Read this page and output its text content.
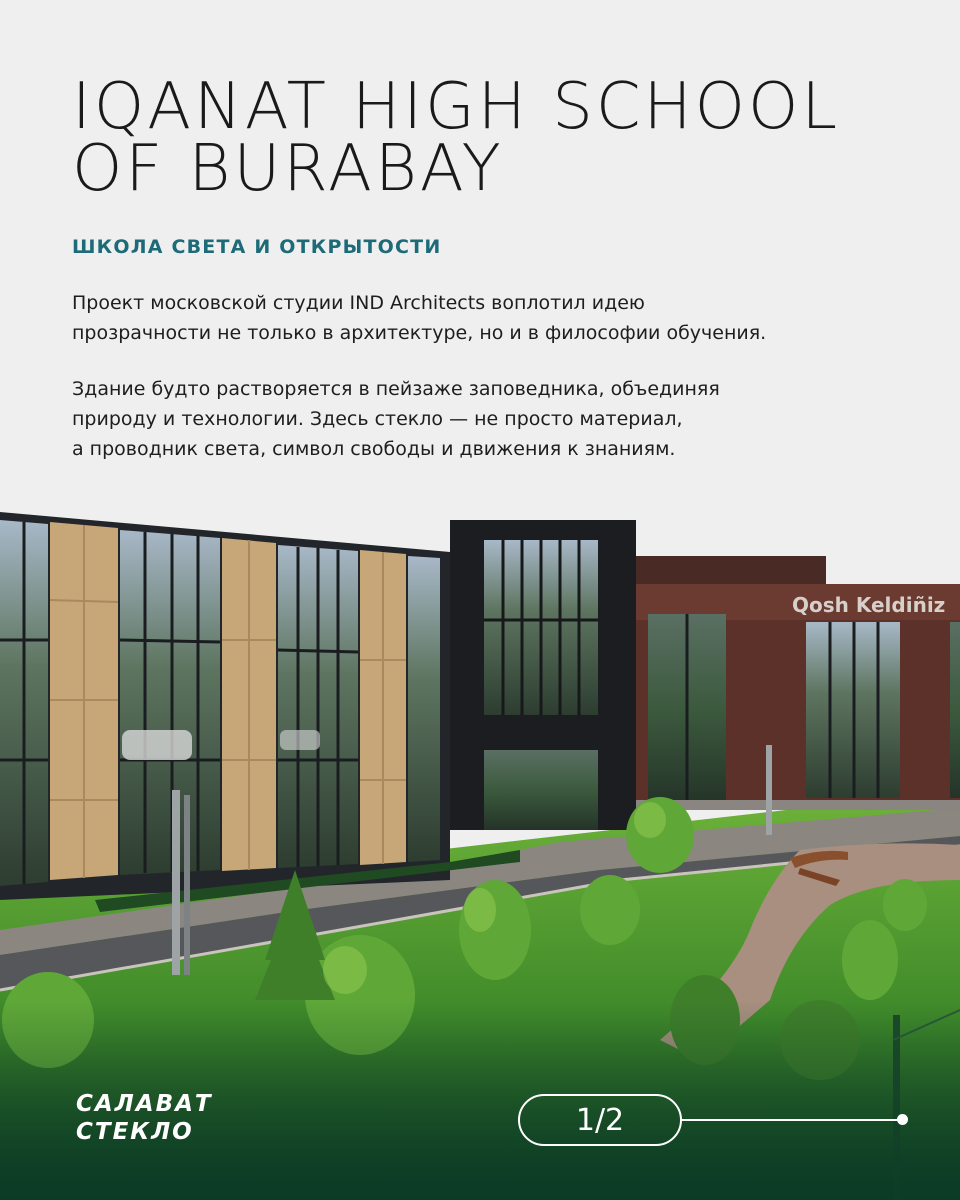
IQANAT HIGH SCHOOL
OF BURABAY
ШКОЛА СВЕТА И ОТКРЫТОСТИ

Проект московской студии IND Architects воплотил идею
прозрачности не только в архитектуре, но и в философии обучения.

Здание будто растворяется в пейзаже заповедника, объединяя
природу и технологии. Здесь стекло — не просто материал,
а проводник света, символ свободы и движения к знаниям.

Qosh Keldiñiz
САЛАВАТ
СТЕКЛО	1/2
